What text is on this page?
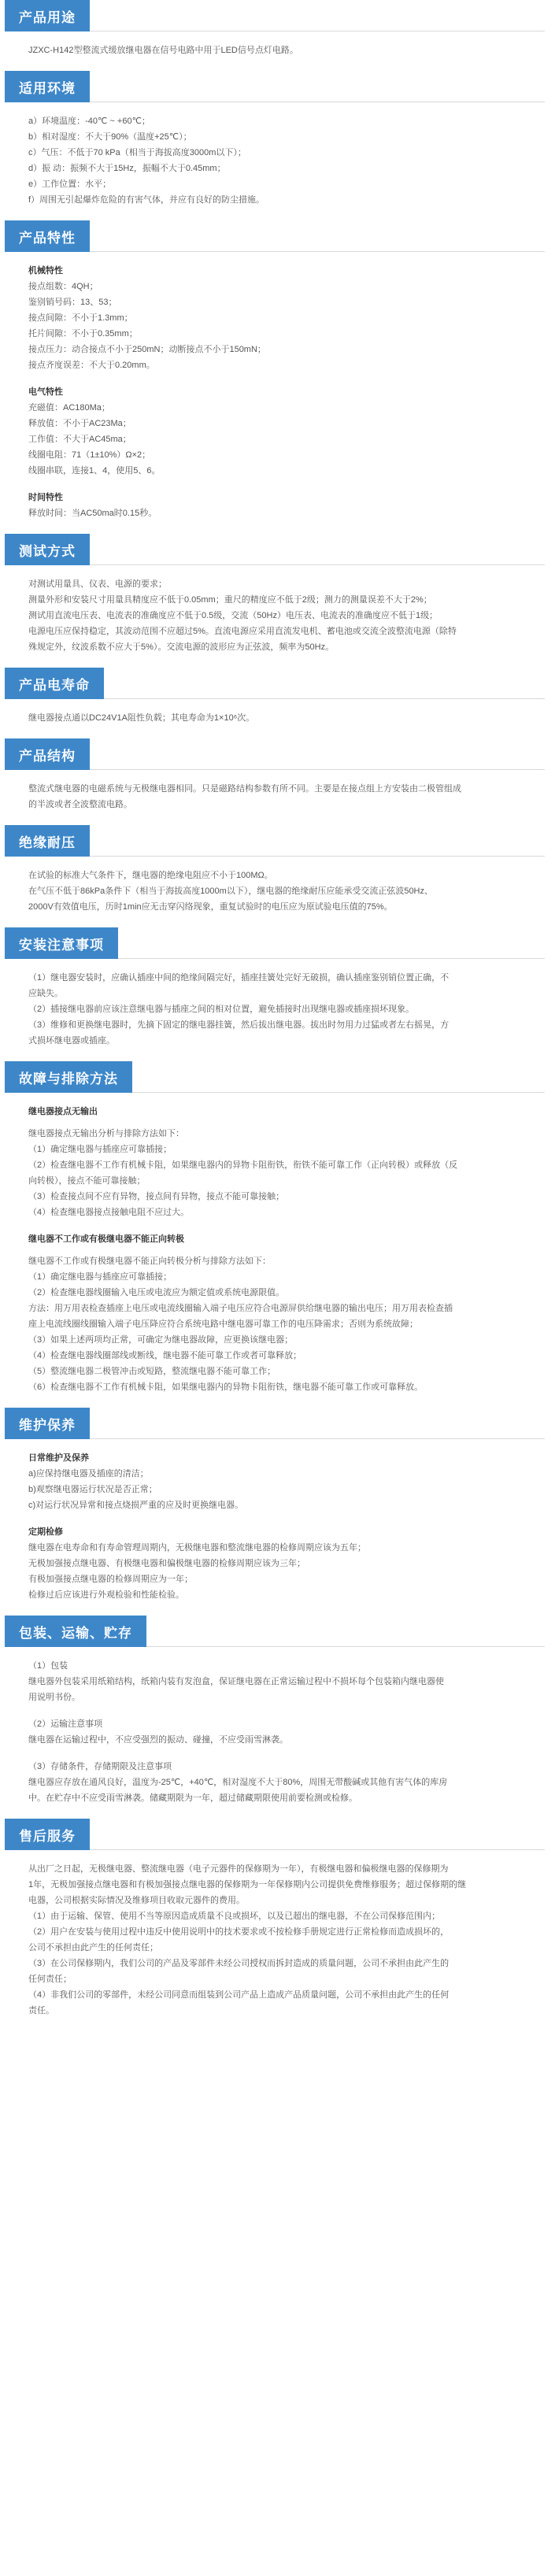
产品用途
JZXC-H142型整流式缓放继电器在信号电路中用于LED信号点灯电路。
适用环境
a）环境温度：-40℃ ~ +60℃；
b）相对湿度：不大于90%（温度+25℃）；
c）气压：不低于70 kPa（相当于海拔高度3000m以下）；
d）振 动：振频不大于15Hz，振幅不大于0.45mm；
e）工作位置：水平；
f）周围无引起爆炸危险的有害气体，并应有良好的防尘措施。
产品特性
机械特性
接点组数：4QH；
鉴别销号码：13、53；
接点间隙：不小于1.3mm；
托片间隙：不小于0.35mm；
接点压力：动合接点不小于250mN；动断接点不小于150mN；
接点齐度误差：不大于0.20mm。
电气特性
充磁值：AC180Ma；
释放值：不小于AC23Ma；
工作值：不大于AC45ma；
线圈电阻：71（1±10%）Ω×2；
线圈串联，连接1、4，使用5、6。
时间特性
释放时间：当AC50ma时0.15秒。
测试方式
对测试用量具、仪表、电源的要求；
测量外形和安装尺寸用量具精度应不低于0.05mm；重尺的精度应不低于2级；测力的测量误差不大于2%；
测试用直流电压表、电流表的准确度应不低于0.5级，交流（50Hz）电压表、电流表的准确度应不低于1级；
电源电压应保持稳定，其波动范围不应超过5%。直流电源应采用直流发电机、蓄电池或交流全波整流电源（除特
殊规定外，纹波系数不应大于5%）。交流电源的波形应为正弦波，频率为50Hz。
产品电寿命
继电器接点通以DC24V1A阻性负载；其电寿命为1×10⁶次。
产品结构
整流式继电器的电磁系统与无极继电器相同。只是磁路结构参数有所不同。主要是在接点组上方安装由二极管组成
的半波或者全波整流电路。
绝缘耐压
在试验的标准大气条件下，继电器的绝缘电阻应不小于100MΩ。
在气压不低于86kPa条件下（相当于海拔高度1000m以下），继电器的绝缘耐压应能承受交流正弦波50Hz、
2000V有效值电压，历时1min应无击穿闪络现象，重复试验时的电压应为原试验电压值的75%。
安装注意事项
（1）继电器安装时，应确认插座中间的绝缘间隔完好，插座挂簧处完好无破损，确认插座鉴别销位置正确，不
应缺失。
（2）插接继电器前应该注意继电器与插座之间的相对位置，避免插接时出现继电器或插座损坏现象。
（3）维修和更换继电器时，先摘下固定的继电器挂簧，然后拔出继电器。拔出时勿用力过猛或者左右摇晃，方
式损坏继电器或插座。
故障与排除方法
继电器接点无输出
继电器接点无输出分析与排除方法如下：
（1）确定继电器与插座应可靠插接；
（2）检查继电器不工作有机械卡阻，如果继电器内的异物卡阻衔铁，衔铁不能可靠工作（正向转极）或释放（反
向转极），接点不能可靠接触；
（3）检查接点间不应有异物，接点间有异物，接点不能可靠接触；
（4）检查继电器接点接触电阻不应过大。
继电器不工作或有极继电器不能正向转极
继电器不工作或有极继电器不能正向转极分析与排除方法如下：
（1）确定继电器与插座应可靠插接；
（2）检查继电器线圈输入电压或电流应为额定值或系统电源限值。
方法：用万用表检查插座上电压或电流线圈输入端子电压应符合电源屏供给继电器的输出电压；用万用表检查插
座上电流线圈线圈输入端子电压降应符合系统电路中继电器可靠工作的电压降需求；否则为系统故障；
（3）如果上述两项均正常，可确定为继电器故障，应更换该继电器；
（4）检查继电器线圈部线或断线，继电器不能可靠工作或者可靠释放；
（5）整流继电器二极管冲击或短路，整流继电器不能可靠工作；
（6）检查继电器不工作有机械卡阻，如果继电器内的异物卡阻衔铁，继电器不能可靠工作或可靠释放。
维护保养
日常维护及保养
a)应保持继电器及插座的清洁；
b)观察继电器运行状况是否正常；
c)对运行状况异常和接点烧损严重的应及时更换继电器。
定期检修
继电器在电寿命和有寿命管理周期内，无极继电器和整流继电器的检修周期应该为五年；
无极加强接点继电器、有极继电器和偏极继电器的检修周期应该为三年；
有极加强接点继电器的检修周期应为一年；
检修过后应该进行外观检验和性能检验。
包装、运输、贮存
（1）包装
继电器外包装采用纸箱结构，纸箱内装有发泡盒，保证继电器在正常运输过程中不损坏每个包装箱内继电器使
用说明书份。
（2）运输注意事项
继电器在运输过程中，不应受强烈的振动、碰撞，不应受雨雪淋袭。
（3）存储条件，存储期限及注意事项
继电器应存放在通风良好，温度为-25℃，+40℃，相对湿度不大于80%，周围无带酸碱或其他有害气体的库房
中。在贮存中不应受雨雪淋袭。储藏期限为一年，超过储藏期限使用前要检测或检修。
售后服务
从出厂之日起，无极继电器、整流继电器（电子元器件的保修期为一年），有极继电器和偏极继电器的保修期为
1年，无极加强接点继电器和有极加强接点继电器的保修期为一年保修期内公司提供免费维修服务；超过保修期的继
电器，公司根据实际情况及维修项目收取元器件的费用。
（1）由于运输、保管、使用不当等原因造成质量不良或损坏，以及已超出的继电器，不在公司保修范围内；
（2）用户在安装与使用过程中违反中使用说明中的技术要求或不按检修手册规定进行正常检修而造成损坏的，
公司不承担由此产生的任何责任；
（3）在公司保修期内，我们公司的产品及零部件未经公司授权而拆封造成的质量问题，公司不承担由此产生的
任何责任；
（4）非我们公司的零部件，未经公司同意而组装到公司产品上造成产品质量问题，公司不承担由此产生的任何
责任。
